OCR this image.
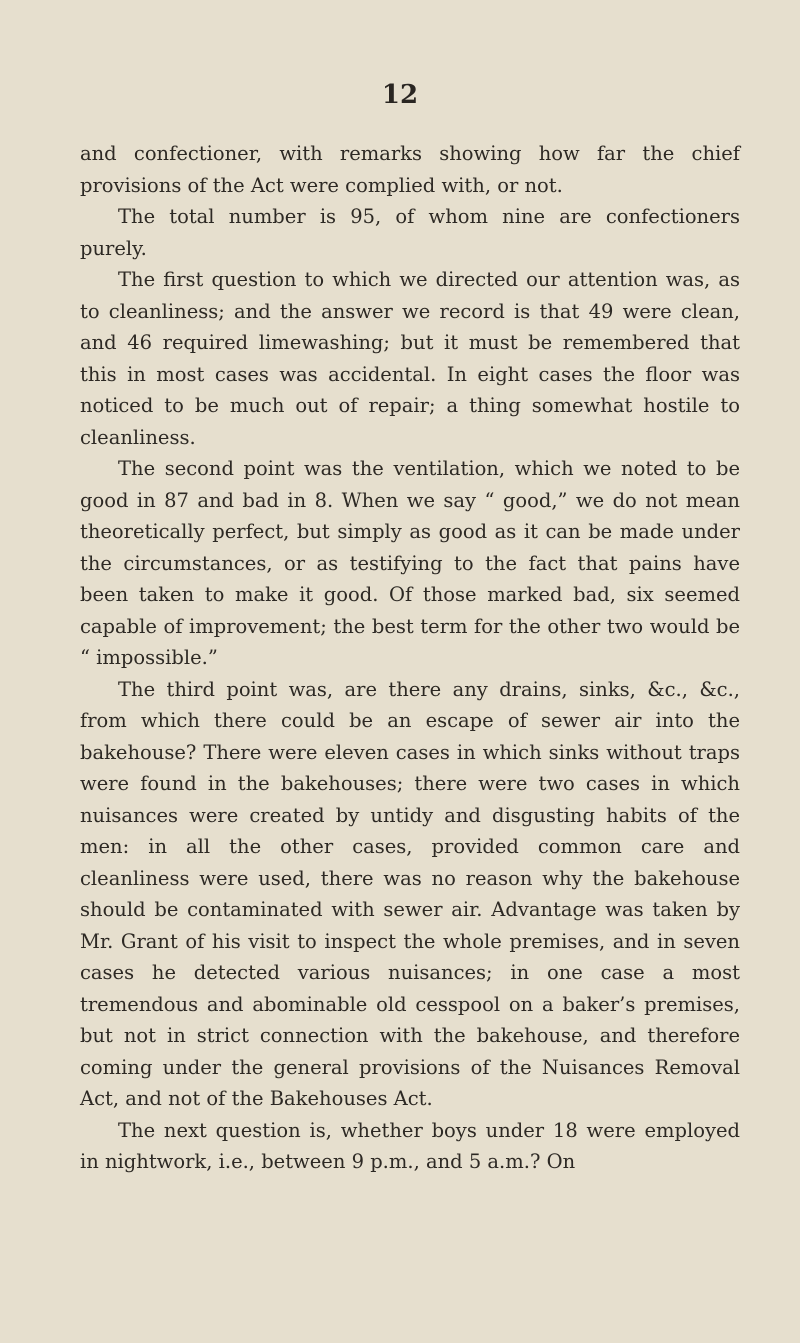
12

and confectioner, with remarks showing how far the chief provisions of the Act were complied with, or not.

The total number is 95, of whom nine are confectioners purely.

The first question to which we directed our attention was, as to cleanliness; and the answer we record is that 49 were clean, and 46 required limewashing; but it must be remembered that this in most cases was accidental. In eight cases the floor was noticed to be much out of repair; a thing somewhat hostile to cleanliness.

The second point was the ventilation, which we noted to be good in 87 and bad in 8. When we say “ good,” we do not mean theoretically perfect, but simply as good as it can be made under the circumstances, or as testifying to the fact that pains have been taken to make it good. Of those marked bad, six seemed capable of improvement; the best term for the other two would be “ impossible.”

The third point was, are there any drains, sinks, &c., &c., from which there could be an escape of sewer air into the bakehouse? There were eleven cases in which sinks without traps were found in the bakehouses; there were two cases in which nuisances were created by untidy and disgusting habits of the men: in all the other cases, provided common care and cleanliness were used, there was no reason why the bakehouse should be contaminated with sewer air. Advantage was taken by Mr. Grant of his visit to inspect the whole premises, and in seven cases he detected various nuisances; in one case a most tremendous and abominable old cesspool on a baker’s premises, but not in strict connection with the bakehouse, and therefore coming under the general provisions of the Nuisances Removal Act, and not of the Bakehouses Act.

The next question is, whether boys under 18 were employed in nightwork, i.e., between 9 p.m., and 5 a.m.? On
